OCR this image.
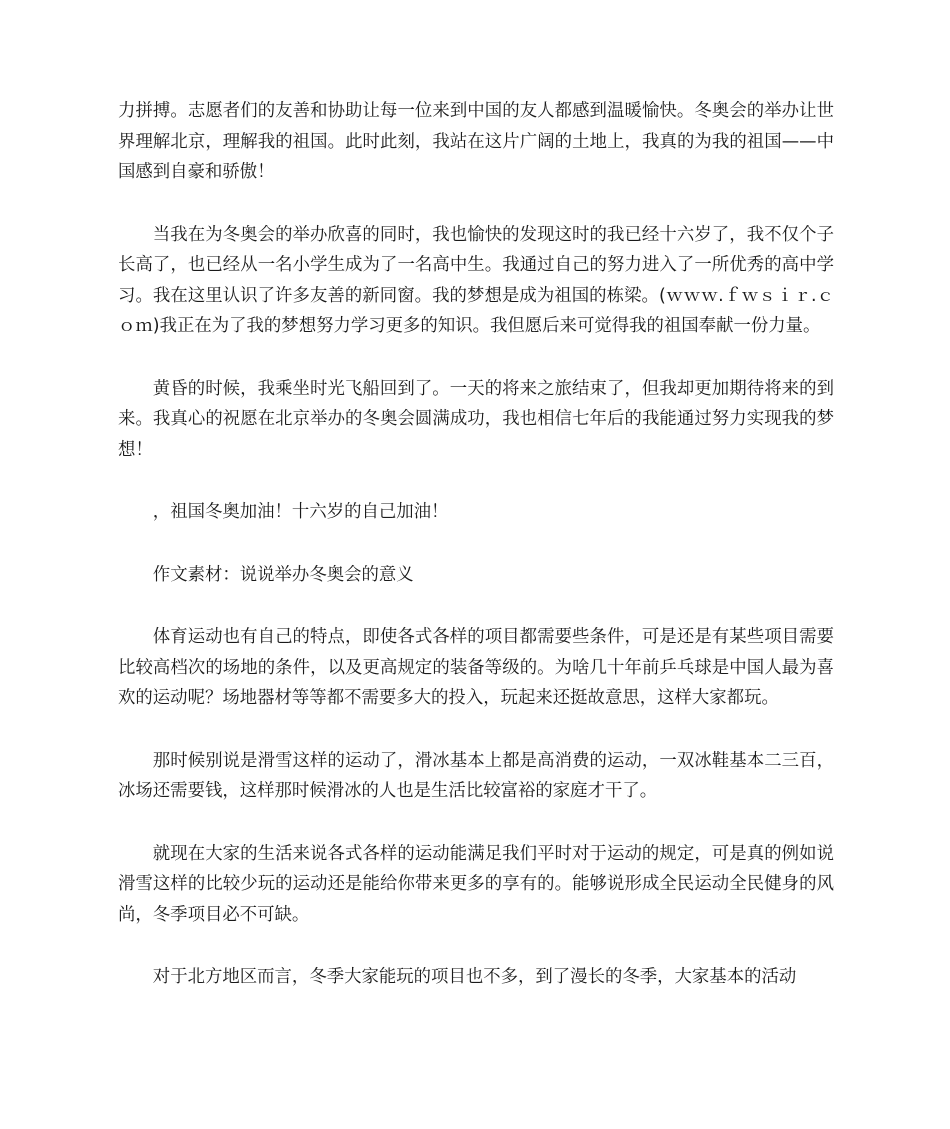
力拼搏。志愿者们的友善和协助让每一位来到中国的友人都感到温暖愉快。冬奥会的举办让世界理解北京，理解我的祖国。此时此刻，我站在这片广阔的土地上，我真的为我的祖国——中国感到自豪和骄傲！

当我在为冬奥会的举办欣喜的同时，我也愉快的发现这时的我已经十六岁了，我不仅个子长高了，也已经从一名小学生成为了一名高中生。我通过自己的努力进入了一所优秀的高中学习。我在这里认识了许多友善的新同窗。我的梦想是成为祖国的栋梁。(ｗｗｗ.ｆｗｓｉｒ.ｃｏｍ)我正在为了我的梦想努力学习更多的知识。我但愿后来可觉得我的祖国奉献一份力量。

黄昏的时候，我乘坐时光飞船回到了。一天的将来之旅结束了，但我却更加期待将来的到来。我真心的祝愿在北京举办的冬奥会圆满成功，我也相信七年后的我能通过努力实现我的梦想！

，祖国冬奥加油！十六岁的自己加油！

作文素材：说说举办冬奥会的意义

体育运动也有自己的特点，即使各式各样的项目都需要些条件，可是还是有某些项目需要比较高档次的场地的条件，以及更高规定的装备等级的。为啥几十年前乒乓球是中国人最为喜欢的运动呢？场地器材等等都不需要多大的投入，玩起来还挺故意思，这样大家都玩。

那时候别说是滑雪这样的运动了，滑冰基本上都是高消费的运动，一双冰鞋基本二三百，冰场还需要钱，这样那时候滑冰的人也是生活比较富裕的家庭才干了。

就现在大家的生活来说各式各样的运动能满足我们平时对于运动的规定，可是真的例如说滑雪这样的比较少玩的运动还是能给你带来更多的享有的。能够说形成全民运动全民健身的风尚，冬季项目必不可缺。

对于北方地区而言，冬季大家能玩的项目也不多，到了漫长的冬季，大家基本的活动
